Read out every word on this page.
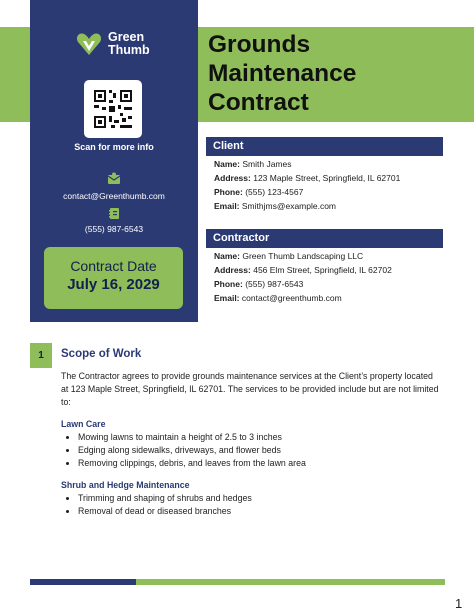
Green
Thumb
Scan for more info
contact@Greenthumb.com
(555) 987-6543
Contract Date
July 16, 2029
Grounds
Maintenance
Contract
Client
Name: Smith James
Address: 123 Maple Street, Springfield, IL 62701
Phone: (555) 123-4567
Email: Smithjms@example.com
Contractor
Name: Green Thumb Landscaping LLC
Address: 456 Elm Street, Springfield, IL 62702
Phone: (555) 987-6543
Email: contact@greenthumb.com
1	Scope of Work
The Contractor agrees to provide grounds maintenance services at the Client’s property located at 123 Maple Street, Springfield, IL 62701. The services to be provided include but are not limited to:
Lawn Care
• Mowing lawns to maintain a height of 2.5 to 3 inches
• Edging along sidewalks, driveways, and flower beds
• Removing clippings, debris, and leaves from the lawn area
Shrub and Hedge Maintenance
• Trimming and shaping of shrubs and hedges
• Removal of dead or diseased branches
1
